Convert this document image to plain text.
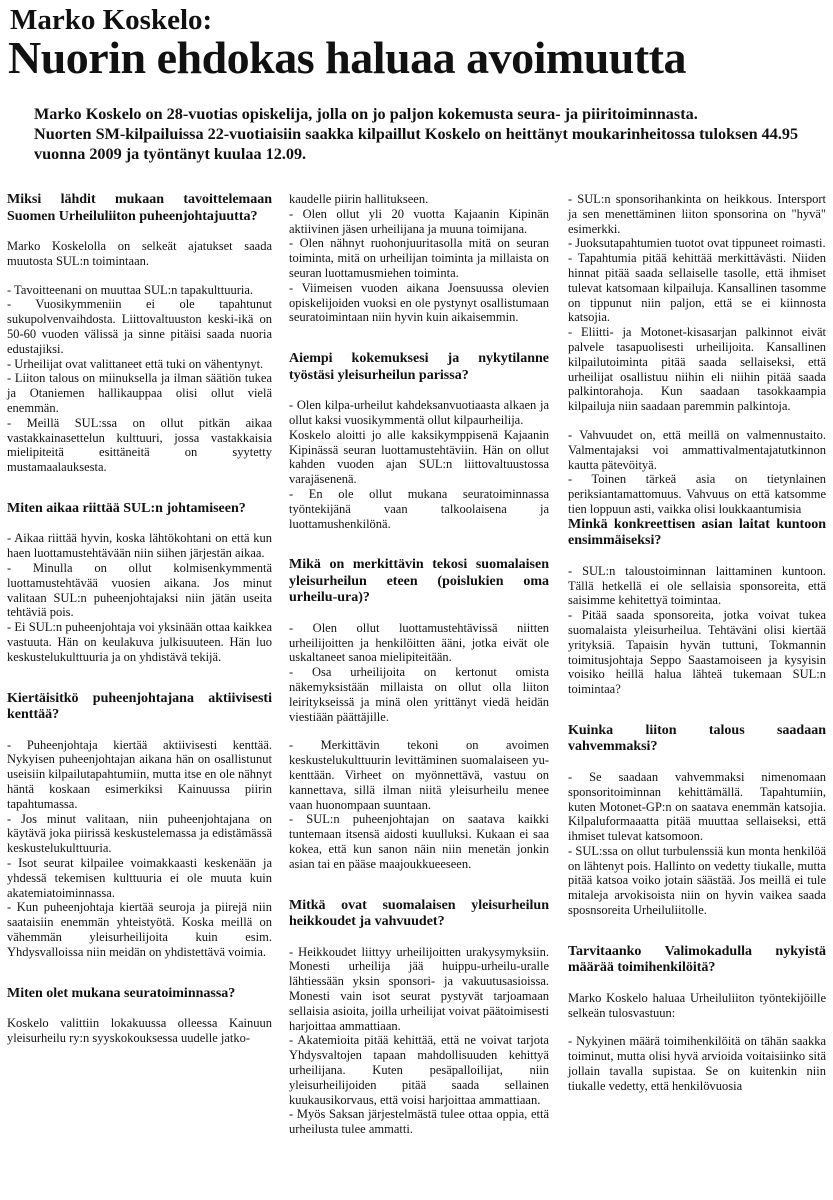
Marko Koskelo:
Nuorin ehdokas haluaa avoimuutta

Marko Koskelo on 28-vuotias opiskelija, jolla on jo paljon kokemusta seura- ja piiritoiminnasta.

Nuorten SM-kilpailuissa 22-vuotiaisiin saakka kilpaillut Koskelo on heittänyt moukarinheitossa tuloksen 44.95 vuonna 2009 ja työntänyt kuulaa 12.09.

Miksi lähdit mukaan tavoittelemaan Suomen Urheiluliiton puheenjohtajuutta?

Marko Koskelolla on selkeät ajatukset saada muutosta SUL:n toimintaan.

- Tavoitteenani on muuttaa SUL:n tapakulttuuria.

- Vuosikymmeniin ei ole tapahtunut sukupolvenvaihdosta. Liittovaltuuston keski-ikä on 50-60 vuoden välissä ja sinne pitäisi saada nuoria edustajiksi.

- Urheilijat ovat valittaneet että tuki on vähentynyt.

- Liiton talous on miinuksella ja ilman säätiön tukea ja Otaniemen hallikauppaa olisi ollut vielä enemmän.

- Meillä SUL:ssa on ollut pitkän aikaa vastakkainasettelun kulttuuri, jossa vastakkaisia mielipiteitä esittäneitä on syytetty mustamaalauksesta.

Miten aikaa riittää SUL:n johtamiseen?

- Aikaa riittää hyvin, koska lähtökohtani on että kun haen luottamustehtävään niin siihen järjestän aikaa.

- Minulla on ollut kolmisenkymmentä luottamustehtävää vuosien aikana. Jos minut valitaan SUL:n puheenjohtajaksi niin jätän useita tehtäviä pois.

- Ei SUL:n puheenjohtaja voi yksinään ottaa kaikkea vastuuta. Hän on keulakuva julkisuuteen. Hän luo keskustelukulttuuria ja on yhdistävä tekijä.

Kiertäisitkö puheenjohtajana aktiivisesti kenttää?

- Puheenjohtaja kiertää aktiivisesti kenttää. Nykyisen puheenjohtajan aikana hän on osallistunut useisiin kilpailutapahtumiin, mutta itse en ole nähnyt häntä koskaan esimerkiksi Kainuussa piirin tapahtumassa.

- Jos minut valitaan, niin puheenjohtajana on käytävä joka piirissä keskustelemassa ja edistämässä keskustelukulttuuria.

- Isot seurat kilpailee voimakkaasti keskenään ja yhdessä tekemisen kulttuuria ei ole muuta kuin akatemiatoiminnassa.

- Kun puheenjohtaja kiertää seuroja ja piirejä niin saataisiin enemmän yhteistyötä. Koska meillä on vähemmän yleisurheilijoita kuin esim. Yhdysvalloissa niin meidän on yhdistettävä voimia.

Miten olet mukana seuratoiminnassa?

Koskelo valittiin lokakuussa olleessa Kainuun yleisurheilu ry:n syyskokouksessa uudelle jatko-

kaudelle piirin hallitukseen.

- Olen ollut yli 20 vuotta Kajaanin Kipinän aktiivinen jäsen urheilijana ja muuna toimijana.

- Olen nähnyt ruohonjuuritasolla mitä on seuran toiminta, mitä on urheilijan toiminta ja millaista on seuran luottamusmiehen toiminta.

- Viimeisen vuoden aikana Joensuussa olevien opiskelijoiden vuoksi en ole pystynyt osallistumaan seuratoimintaan niin hyvin kuin aikaisemmin.

Aiempi kokemuksesi ja nykytilanne työstäsi yleisurheilun parissa?

- Olen kilpa-urheilut kahdeksanvuotiaasta alkaen ja ollut kaksi vuosikymmentä ollut kilpaurheilija.

Koskelo aloitti jo alle kaksikymppisenä Kajaanin Kipinässä seuran luottamustehtäviin. Hän on ollut kahden vuoden ajan SUL:n liittovaltuustossa varajäsenenä.

- En ole ollut mukana seuratoiminnassa työntekijänä vaan talkoolaisena ja luottamushenkilönä.

Mikä on merkittävin tekosi suomalaisen yleisurheilun eteen (poislukien oma urheilu-ura)?

- Olen ollut luottamustehtävissä niitten urheilijoitten ja henkilöitten ääni, jotka eivät ole uskaltaneet sanoa mielipiteitään.

- Osa urheilijoita on kertonut omista näkemyksistään millaista on ollut olla liiton leiritykseissä ja minä olen yrittänyt viedä heidän viestiään päättäjille.

- Merkittävin tekoni on avoimen keskustelukulttuurin levittäminen suomalaiseen yu-kenttään. Virheet on myönnettävä, vastuu on kannettava, sillä ilman niitä yleisurheilu menee vaan huonompaan suuntaan.

- SUL:n puheenjohtajan on saatava kaikki tuntemaan itsensä aidosti kuulluksi. Kukaan ei saa kokea, että kun sanon näin niin menetän jonkin asian tai en pääse maajoukkueeseen.

Mitkä ovat suomalaisen yleisurheilun heikkoudet ja vahvuudet?

- Heikkoudet liittyy urheilijoitten urakysymyksiin. Monesti urheilija jää huippu-urheilu-uralle lähtiessään yksin sponsori- ja vakuutusasioissa. Monesti vain isot seurat pystyvät tarjoamaan sellaisia asioita, joilla urheilijat voivat päätoimisesti harjoittaa ammattiaan.

- Akatemioita pitää kehittää, että ne voivat tarjota Yhdysvaltojen tapaan mahdollisuuden kehittyä urheilijana. Kuten pesäpalloilijat, niin yleisurheilijoiden pitää saada sellainen kuukausikorvaus, että voisi harjoittaa ammattiaan.

- Myös Saksan järjestelmästä tulee ottaa oppia, että urheilusta tulee ammatti.

- SUL:n sponsorihankinta on heikkous. Intersport ja sen menettäminen liiton sponsorina on "hyvä" esimerkki.

- Juoksutapahtumien tuotot ovat tippuneet roimasti.

- Tapahtumia pitää kehittää merkittävästi. Niiden hinnat pitää saada sellaiselle tasolle, että ihmiset tulevat katsomaan kilpailuja. Kansallinen tasomme on tippunut niin paljon, että se ei kiinnosta katsojia.

- Eliitti- ja Motonet-kisasarjan palkinnot eivät palvele tasapuolisesti urheilijoita. Kansallinen kilpailutoiminta pitää saada sellaiseksi, että urheilijat osallistuu niihin eli niihin pitää saada palkintorahoja. Kun saadaan tasokkaampia kilpailuja niin saadaan paremmin palkintoja.

- Vahvuudet on, että meillä on valmennustaito. Valmentajaksi voi ammattivalmentajatutkinnon kautta pätevöityä.

- Toinen tärkeä asia on tietynlainen periksiantamattomuus. Vahvuus on että katsomme tien loppuun asti, vaikka olisi loukkaantumisia

Minkä konkreettisen asian laitat kuntoon ensimmäiseksi?

- SUL:n taloustoiminnan laittaminen kuntoon. Tällä hetkellä ei ole sellaisia sponsoreita, että saisimme kehitettyä toimintaa.

- Pitää saada sponsoreita, jotka voivat tukea suomalaista yleisurheilua. Tehtäväni olisi kiertää yrityksiä. Tapaisin hyvän tuttuni, Tokmannin toimitusjohtaja Seppo Saastamoiseen ja kysyisin voisiko heillä halua lähteä tukemaan SUL:n toimintaa?

Kuinka liiton talous saadaan vahvemmaksi?

- Se saadaan vahvemmaksi nimenomaan sponsoritoiminnan kehittämällä. Tapahtumiin, kuten Motonet-GP:n on saatava enemmän katsojia. Kilpaluformaaatta pitää muuttaa sellaiseksi, että ihmiset tulevat katsomoon.

- SUL:ssa on ollut turbulenssiä kun monta henkilöä on lähtenyt pois. Hallinto on vedetty tiukalle, mutta pitää katsoa voiko jotain säästää. Jos meillä ei tule mitaleja arvokisoista niin on hyvin vaikea saada sposnsoreita Urheiluliitolle.

Tarvitaanko Valimokadulla nykyistä määrää toimihenkilöitä?

Marko Koskelo haluaa Urheiluliiton työntekijöille selkeän tulosvastuun:

- Nykyinen määrä toimihenkilöitä on tähän saakka toiminut, mutta olisi hyvä arvioida voitaisiinko sitä jollain tavalla supistaa. Se on kuitenkin niin tiukalle vedetty, että henkilövuosia
